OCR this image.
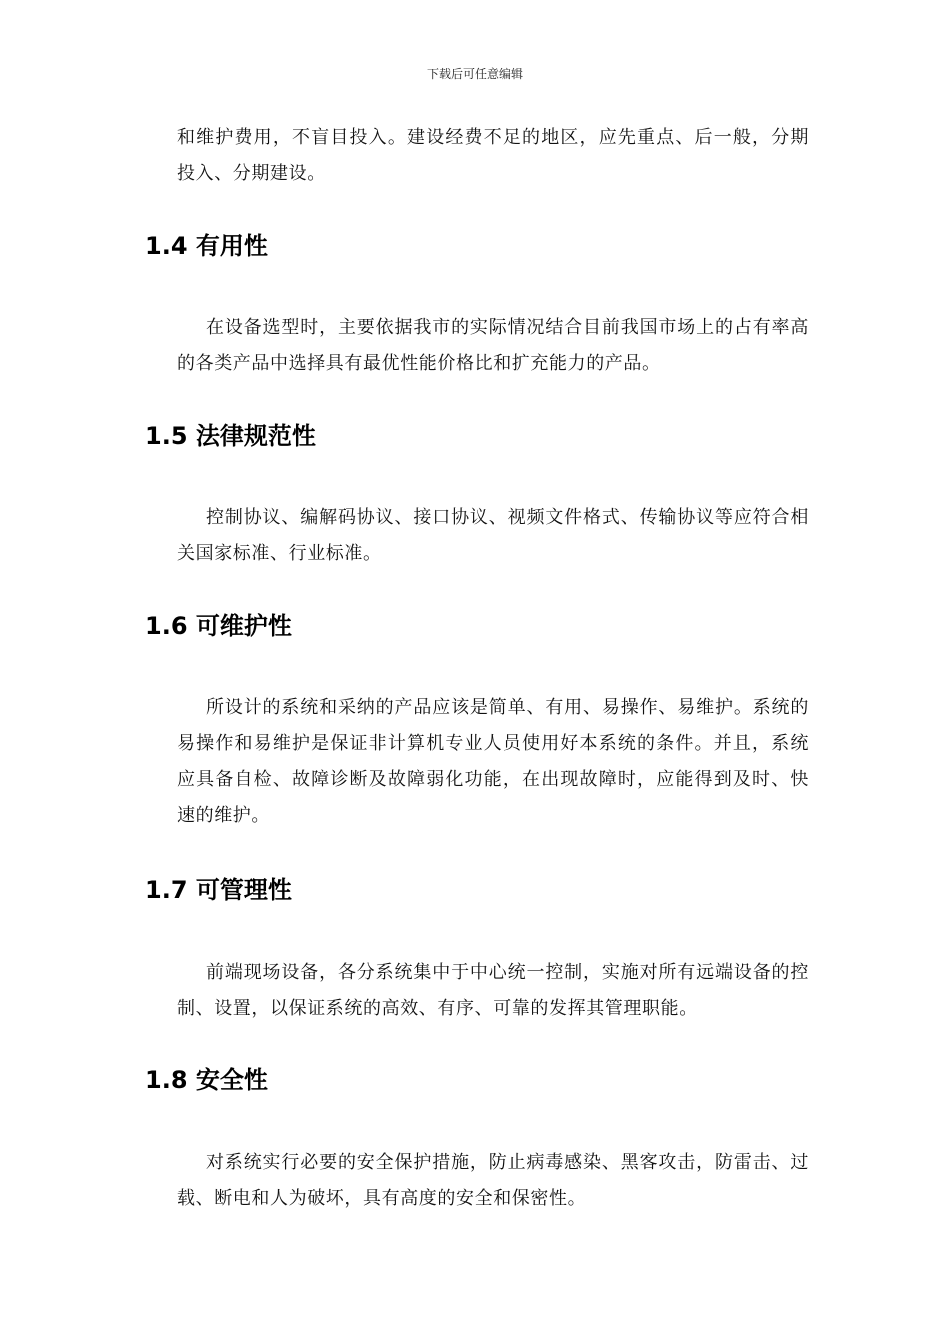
下载后可任意编辑

和维护费用，不盲目投入。建设经费不足的地区，应先重点、后一般，分期投入、分期建设。

1.4 有用性

在设备选型时，主要依据我市的实际情况结合目前我国市场上的占有率高的各类产品中选择具有最优性能价格比和扩充能力的产品。

1.5 法律规范性

控制协议、编解码协议、接口协议、视频文件格式、传输协议等应符合相关国家标准、行业标准。

1.6 可维护性

所设计的系统和采纳的产品应该是简单、有用、易操作、易维护。系统的易操作和易维护是保证非计算机专业人员使用好本系统的条件。并且，系统应具备自检、故障诊断及故障弱化功能，在出现故障时，应能得到及时、快速的维护。

1.7 可管理性

前端现场设备，各分系统集中于中心统一控制，实施对所有远端设备的控制、设置，以保证系统的高效、有序、可靠的发挥其管理职能。

1.8 安全性

对系统实行必要的安全保护措施，防止病毒感染、黑客攻击，防雷击、过载、断电和人为破坏，具有高度的安全和保密性。
